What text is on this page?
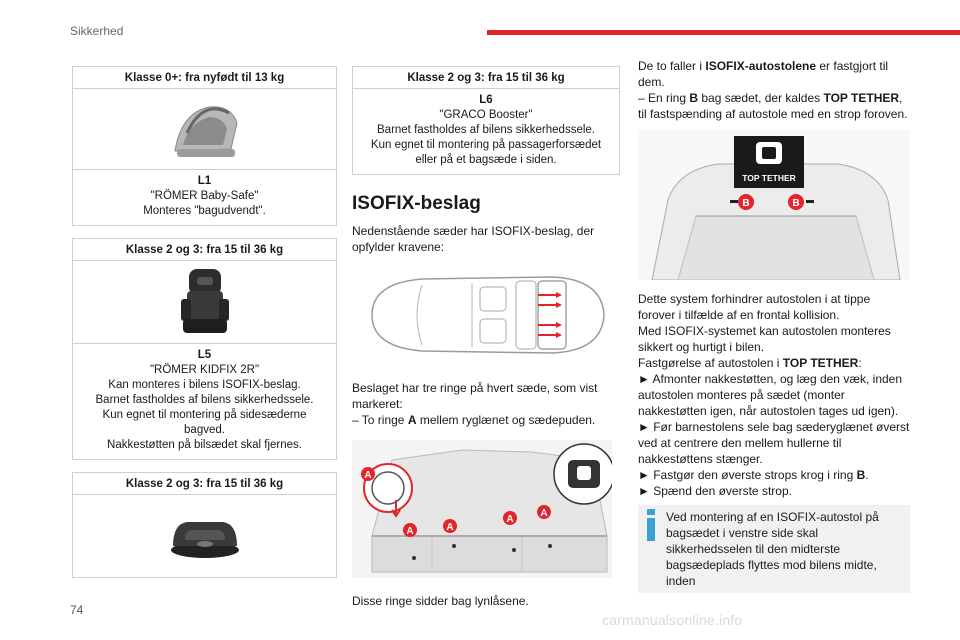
Sikkerhed
Klasse 0+: fra nyfødt til 13 kg
L1
"RÖMER Baby-Safe"
Monteres "bagudvendt".
Klasse 2 og 3: fra 15 til 36 kg
L5
"RÖMER KIDFIX 2R"
Kan monteres i bilens ISOFIX-beslag.
Barnet fastholdes af bilens sikkerhedssele.
Kun egnet til montering på sidesæderne bagved.
Nakkestøtten på bilsædet skal fjernes.
Klasse 2 og 3: fra 15 til 36 kg
Klasse 2 og 3: fra 15 til 36 kg
L6
"GRACO Booster"
Barnet fastholdes af bilens sikkerhedssele.
Kun egnet til montering på passagerforsædet eller på et bagsæde i siden.
ISOFIX-beslag

Nedenstående sæder har ISOFIX-beslag, der opfylder kravene:

Beslaget har tre ringe på hvert sæde, som vist markeret:

– To ringe A mellem ryglænet og sædepuden.

A
A	A
A
A

Disse ringe sidder bag lynlåsene.

De to faller i ISOFIX-autostolene er fastgjort til dem.

– En ring B bag sædet, der kaldes TOP TETHER, til fastspænding af autostole med en strop foroven.

TOP TETHER
B	B

Dette system forhindrer autostolen i at tippe forover i tilfælde af en frontal kollision.

Med ISOFIX-systemet kan autostolen monteres sikkert og hurtigt i bilen.

Fastgørelse af autostolen i TOP TETHER:

► Afmonter nakkestøtten, og læg den væk, inden autostolen monteres på sædet (monter nakkestøtten igen, når autostolen tages ud igen).

► Før barnestolens sele bag sæderyglænet øverst ved at centrere den mellem hullerne til nakkestøttens stænger.

► Fastgør den øverste strops krog i ring B.

► Spænd den øverste strop.

Ved montering af en ISOFIX-autostol på bagsædet i venstre side skal sikkerhedsselen til den midterste bagsædeplads flyttes mod bilens midte, inden
74
carmanualsonline.info
